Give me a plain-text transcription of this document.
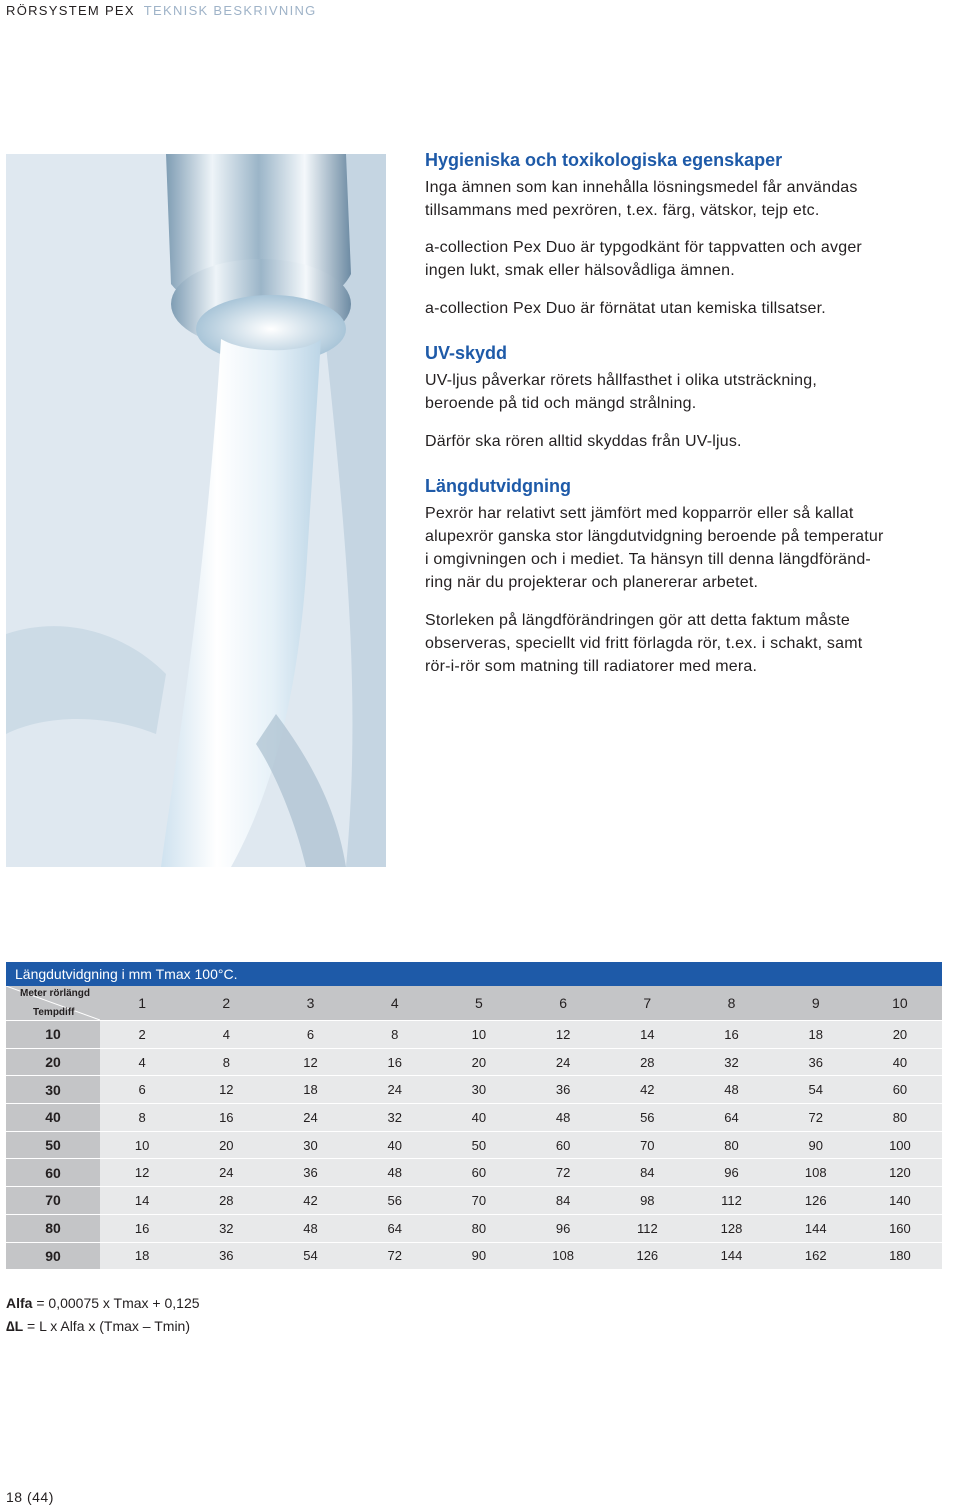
RÖRSYSTEM PEX TEKNISK BESKRIVNING
Hygieniska och toxikologiska egenskaper

Inga ämnen som kan innehålla lösningsmedel får användas
tillsammans med pexrören, t.ex. färg, vätskor, tejp etc.

a-collection Pex Duo är typgodkänt för tappvatten och avger
ingen lukt, smak eller hälsovådliga ämnen.

a-collection Pex Duo är förnätat utan kemiska tillsatser.

UV-skydd

UV-ljus påverkar rörets hållfasthet i olika utsträckning,
beroende på tid och mängd strålning.

Därför ska rören alltid skyddas från UV-ljus.

Längdutvidgning

Pexrör har relativt sett jämfört med kopparrör eller så kallat
alupexrör ganska stor längdutvidgning beroende på temperatur
i omgivningen och i mediet. Ta hänsyn till denna längdföränd-
ring när du projekterar och planererar arbetet.

Storleken på längdförändringen gör att detta faktum måste
observeras, speciellt vid fritt förlagda rör, t.ex. i schakt, samt
rör-i-rör som matning till radiatorer med mera.

Längdutvidgning i mm Tmax 100°C.
Meter rörlängd
Tempdiff
1	2	3	4	5	6	7	8	9	10
10	2	4	6	8	10	12	14	16	18	20
20	4	8	12	16	20	24	28	32	36	40
30	6	12	18	24	30	36	42	48	54	60
40	8	16	24	32	40	48	56	64	72	80
50	10	20	30	40	50	60	70	80	90	100
60	12	24	36	48	60	72	84	96	108	120
70	14	28	42	56	70	84	98	112	126	140
80	16	32	48	64	80	96	112	128	144	160
90	18	36	54	72	90	108	126	144	162	180
Alfa = 0,00075 x Tmax + 0,125
∆L = L x Alfa x (Tmax – Tmin)
18 (44)
